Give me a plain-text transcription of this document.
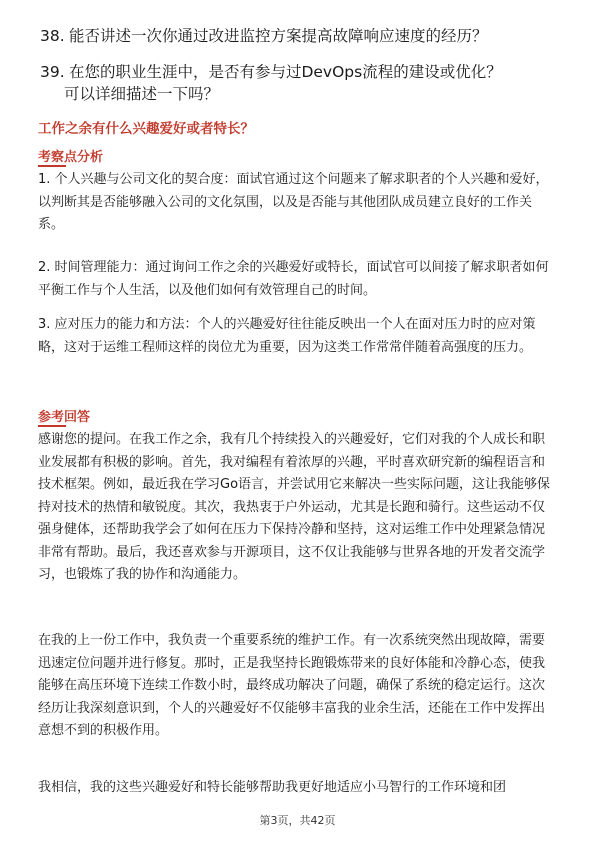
38. 能否讲述一次你通过改进监控方案提高故障响应速度的经历？
39. 在您的职业生涯中，是否有参与过DevOps流程的建设或优化？
可以详细描述一下吗？
工作之余有什么兴趣爱好或者特长？
考察点分析
1. 个人兴趣与公司文化的契合度：面试官通过这个问题来了解求职者的个人兴趣和爱好，以判断其是否能够融入公司的文化氛围，以及是否能与其他团队成员建立良好的工作关系。
2. 时间管理能力：通过询问工作之余的兴趣爱好或特长，面试官可以间接了解求职者如何平衡工作与个人生活，以及他们如何有效管理自己的时间。
3. 应对压力的能力和方法：个人的兴趣爱好往往能反映出一个人在面对压力时的应对策略，这对于运维工程师这样的岗位尤为重要，因为这类工作常常伴随着高强度的压力。
参考回答
感谢您的提问。在我工作之余，我有几个持续投入的兴趣爱好，它们对我的个人成长和职业发展都有积极的影响。首先，我对编程有着浓厚的兴趣，平时喜欢研究新的编程语言和技术框架。例如，最近我在学习Go语言，并尝试用它来解决一些实际问题，这让我能够保持对技术的热情和敏锐度。其次，我热衷于户外运动，尤其是长跑和骑行。这些运动不仅强身健体，还帮助我学会了如何在压力下保持冷静和坚持，这对运维工作中处理紧急情况非常有帮助。最后，我还喜欢参与开源项目，这不仅让我能够与世界各地的开发者交流学习，也锻炼了我的协作和沟通能力。
在我的上一份工作中，我负责一个重要系统的维护工作。有一次系统突然出现故障，需要迅速定位问题并进行修复。那时，正是我坚持长跑锻炼带来的良好体能和冷静心态，使我能够在高压环境下连续工作数小时，最终成功解决了问题，确保了系统的稳定运行。这次经历让我深刻意识到，个人的兴趣爱好不仅能够丰富我的业余生活，还能在工作中发挥出意想不到的积极作用。
我相信，我的这些兴趣爱好和特长能够帮助我更好地适应小马智行的工作环境和团
第3页，共42页
